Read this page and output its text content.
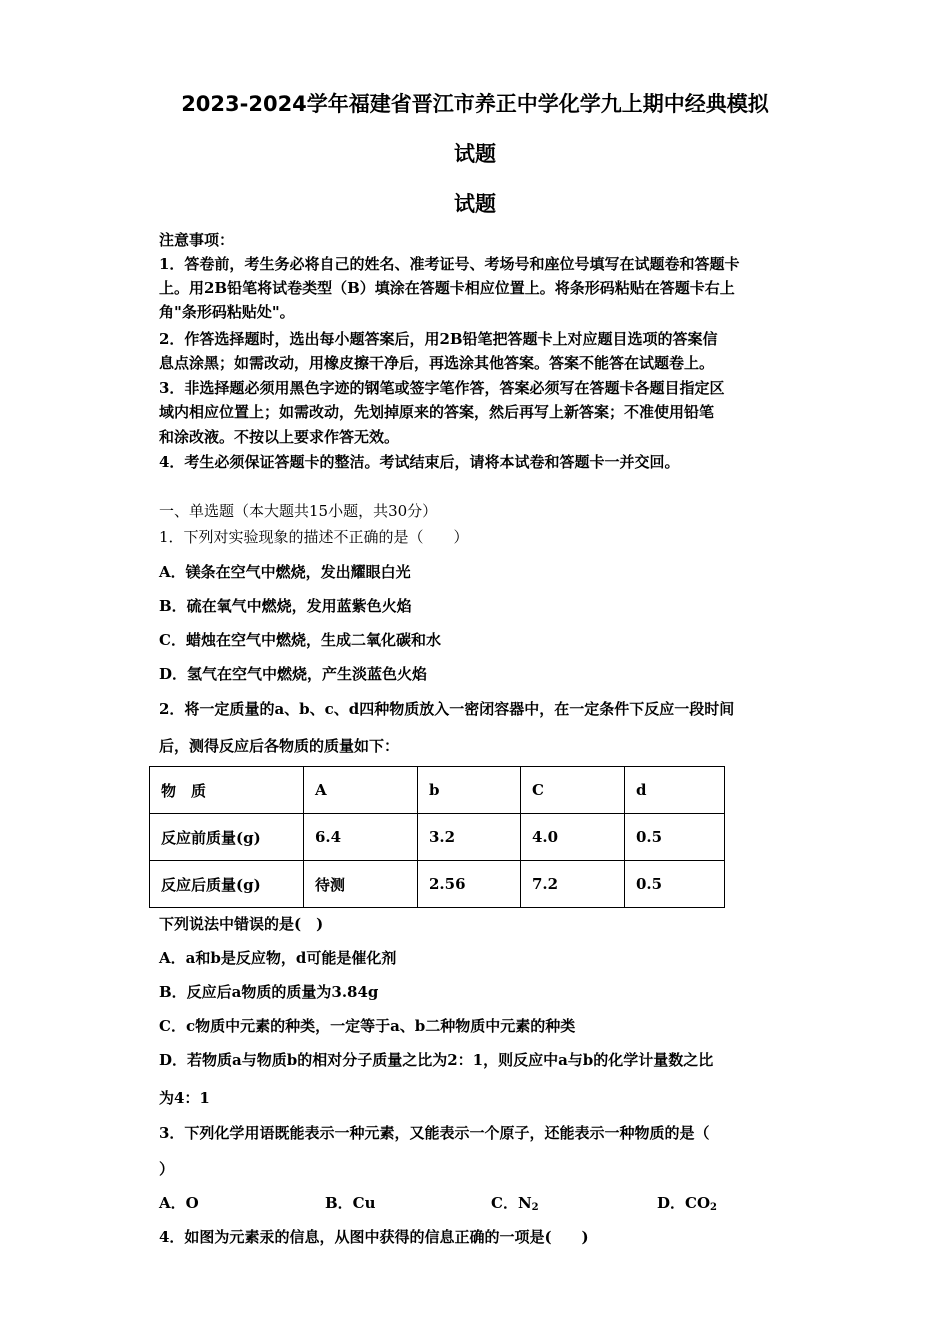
2023-2024学年福建省晋江市养正中学化学九上期中经典模拟
试题
试题
注意事项：
1．答卷前，考生务必将自己的姓名、准考证号、考场号和座位号填写在试题卷和答题卡
上。用2B铅笔将试卷类型（B）填涂在答题卡相应位置上。将条形码粘贴在答题卡右上
角"条形码粘贴处"。
2．作答选择题时，选出每小题答案后，用2B铅笔把答题卡上对应题目选项的答案信
息点涂黑；如需改动，用橡皮擦干净后，再选涂其他答案。答案不能答在试题卷上。
3．非选择题必须用黑色字迹的钢笔或签字笔作答，答案必须写在答题卡各题目指定区
域内相应位置上；如需改动，先划掉原来的答案，然后再写上新答案；不准使用铅笔
和涂改液。不按以上要求作答无效。
4．考生必须保证答题卡的整洁。考试结束后，请将本试卷和答题卡一并交回。
一、单选题（本大题共15小题，共30分）
1．下列对实验现象的描述不正确的是（　　）
A．镁条在空气中燃烧，发出耀眼白光
B．硫在氧气中燃烧，发用蓝紫色火焰
C．蜡烛在空气中燃烧，生成二氧化碳和水
D．氢气在空气中燃烧，产生淡蓝色火焰
2．将一定质量的a、b、c、d四种物质放入一密闭容器中，在一定条件下反应一段时间
后，测得反应后各物质的质量如下：
物　质	A	b	C	d
反应前质量(g)	6.4	3.2	4.0	0.5
反应后质量(g)	待测	2.56	7.2	0.5
下列说法中错误的是(　)
A．a和b是反应物，d可能是催化剂
B．反应后a物质的质量为3.84g
C．c物质中元素的种类，一定等于a、b二种物质中元素的种类
D．若物质a与物质b的相对分子质量之比为2：1，则反应中a与b的化学计量数之比
为4：1
3．下列化学用语既能表示一种元素，又能表示一个原子，还能表示一种物质的是（
）
A．O	B．Cu	C．$N_2$	D．$CO_2$
4．如图为元素汞的信息，从图中获得的信息正确的一项是(　　)
